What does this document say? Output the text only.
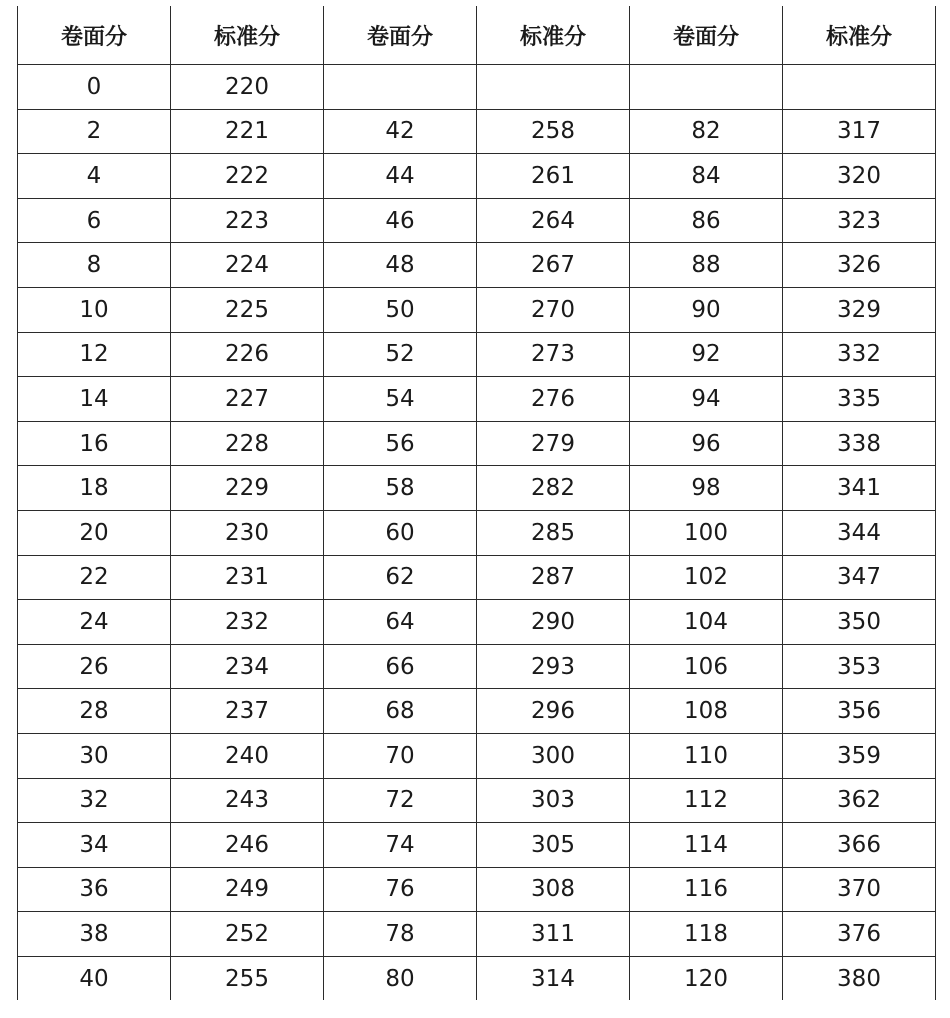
卷面分	标准分	卷面分	标准分	卷面分	标准分
0	220				
2	221	42	258	82	317
4	222	44	261	84	320
6	223	46	264	86	323
8	224	48	267	88	326
10	225	50	270	90	329
12	226	52	273	92	332
14	227	54	276	94	335
16	228	56	279	96	338
18	229	58	282	98	341
20	230	60	285	100	344
22	231	62	287	102	347
24	232	64	290	104	350
26	234	66	293	106	353
28	237	68	296	108	356
30	240	70	300	110	359
32	243	72	303	112	362
34	246	74	305	114	366
36	249	76	308	116	370
38	252	78	311	118	376
40	255	80	314	120	380
